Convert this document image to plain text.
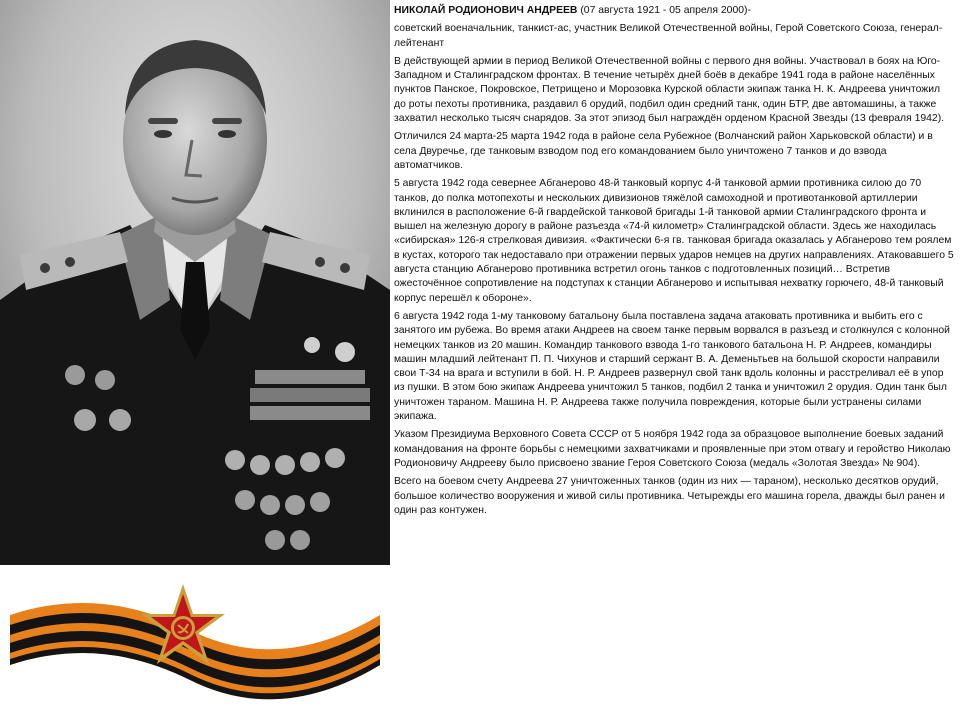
НИКОЛАЙ РОДИОНОВИЧ АНДРЕЕВ (07 августа 1921 - 05 апреля 2000)-

советский военачальник, танкист-ас, участник Великой Отечественной войны, Герой Советского Союза, генерал-лейтенант

В действующей армии в период Великой Отечественной войны с первого дня войны. Участвовал в боях на Юго-Западном и Сталинградском фронтах. В течение четырёх дней боёв в декабре 1941 года в районе населённых пунктов Панское, Покровское, Петрищено и Морозовка Курской области экипаж танка Н. К. Андреева уничтожил до роты пехоты противника, раздавил 6 орудий, подбил один средний танк, один БТР, две автомашины, а также захватил несколько тысяч снарядов. За этот эпизод был награждён орденом Красной Звезды (13 февраля 1942).

Отличился 24 марта-25 марта 1942 года в районе села Рубежное (Волчанский район Харьковской области) и в села Двуречье, где танковым взводом под его командованием было уничтожено 7 танков и до взвода автоматчиков.

5 августа 1942 года севернее Абганерово 48-й танковый корпус 4-й танковой армии противника силою до 70 танков, до полка мотопехоты и нескольких дивизионов тяжёлой самоходной и противотанковой артиллерии вклинился в расположение 6-й гвардейской танковой бригады 1-й танковой армии Сталинградского фронта и вышел на железную дорогу в районе разъезда «74-й километр» Сталинградской области. Здесь же находилась «сибирская» 126-я стрелковая дивизия. «Фактически 6-я гв. танковая бригада оказалась у Абганерово тем роялем в кустах, которого так недоставало при отражении первых ударов немцев на других направлениях. Атаковавшего 5 августа станцию Абганерово противника встретил огонь танков с подготовленных позиций… Встретив ожесточённое сопротивление на подступах к станции Абганерово и испытывая нехватку горючего, 48-й танковый корпус перешёл к обороне».

6 августа 1942 года 1-му танковому батальону была поставлена задача атаковать противника и выбить его с занятого им рубежа. Во время атаки Андреев на своем танке первым ворвался в разъезд и столкнулся с колонной немецких танков из 20 машин. Командир танкового взвода 1-го танкового батальона Н. Р. Андреев, командиры машин младший лейтенант П. П. Чихунов и старший сержант В. А. Деменьтьев на большой скорости направили свои Т-34 на врага и вступили в бой. Н. Р. Андреев развернул свой танк вдоль колонны и расстреливал её в упор из пушки. В этом бою экипаж Андреева уничтожил 5 танков, подбил 2 танка и уничтожил 2 орудия. Один танк был уничтожен тараном. Машина Н. Р. Андреева также получила повреждения, которые были устранены силами экипажа.

Указом Президиума Верховного Совета СССР от 5 ноября 1942 года за образцовое выполнение боевых заданий командования на фронте борьбы с немецкими захватчиками и проявленные при этом отвагу и геройство Николаю Родионовичу Андрееву было присвоено звание Героя Советского Союза (медаль «Золотая Звезда» № 904).

Всего на боевом счету Андреева 27 уничтоженных танков (один из них — тараном), несколько десятков орудий, большое количество вооружения и живой силы противника. Четырежды его машина горела, дважды был ранен и один раз контужен.
